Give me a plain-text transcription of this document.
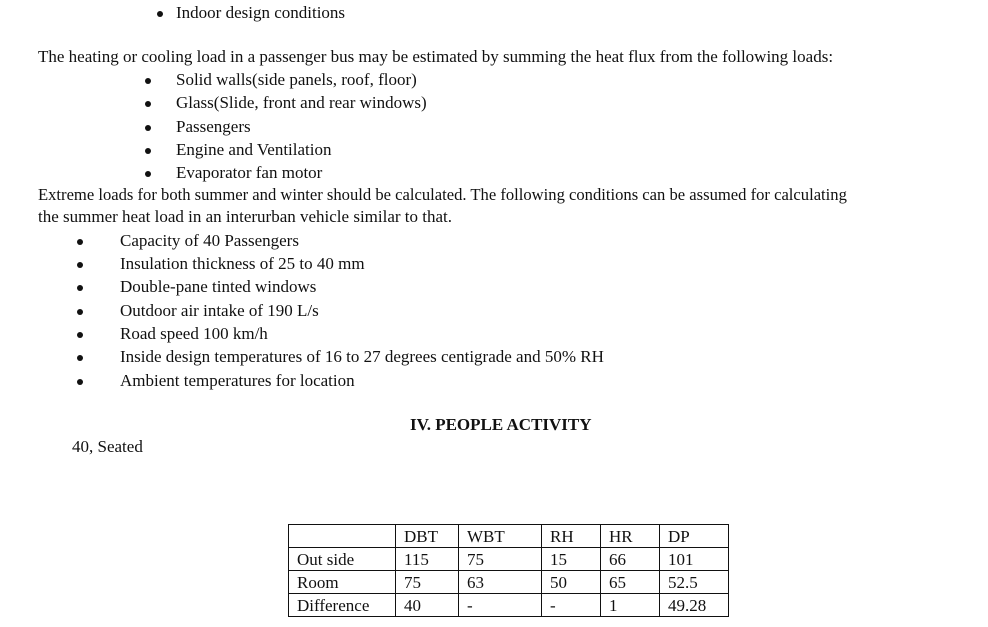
Indoor design conditions
The heating or cooling load in a passenger bus may be estimated by summing the heat flux from the following loads:
Solid walls(side panels, roof, floor)
Glass(Slide, front and rear windows)
Passengers
Engine and Ventilation
Evaporator fan motor
Extreme loads for both summer and winter should be calculated. The following conditions can be assumed for calculating
the summer heat load in an interurban vehicle similar to that.
Capacity of 40 Passengers
Insulation thickness of 25 to 40 mm
Double-pane tinted windows
Outdoor air intake of 190 L/s
Road speed 100 km/h
Inside design temperatures of 16 to 27 degrees centigrade and 50% RH
Ambient temperatures for location
IV. PEOPLE ACTIVITY
40, Seated
	DBT	WBT	RH	HR	DP
Out side	115	75	15	66	101
Room	75	63	50	65	52.5
Difference	40	-	-	1	49.28
